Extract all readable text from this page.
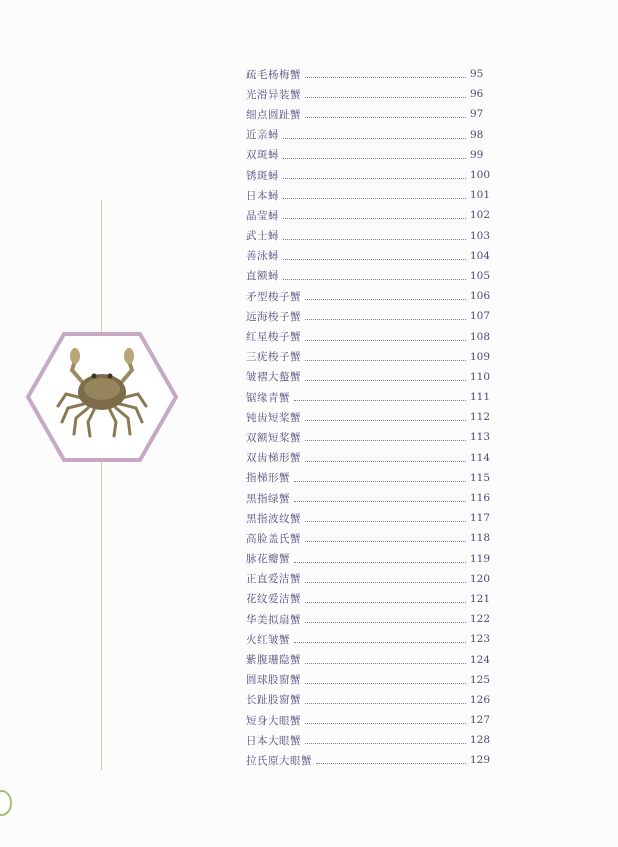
疏毛杨梅蟹	95
光滑异装蟹	96
细点圆趾蟹	97
近亲蟳	98
双斑蟳	99
锈斑蟳	100
日本蟳	101
晶莹蟳	102
武士蟳	103
善泳蟳	104
直额蟳	105
矛型梭子蟹	106
远海梭子蟹	107
红星梭子蟹	108
三疣梭子蟹	109
皱褶大螯蟹	110
锯缘青蟹	111
钝齿短桨蟹	112
双额短桨蟹	113
双齿梯形蟹	114
指梯形蟹	115
黑指绿蟹	116
黑指波纹蟹	117
高脸盖氏蟹	118
脉花瓣蟹	119
正直爱洁蟹	120
花纹爱洁蟹	121
华美拟扇蟹	122
火红皱蟹	123
紫腹珊隐蟹	124
圆球股窗蟹	125
长趾股窗蟹	126
短身大眼蟹	127
日本大眼蟹	128
拉氏原大眼蟹	129
